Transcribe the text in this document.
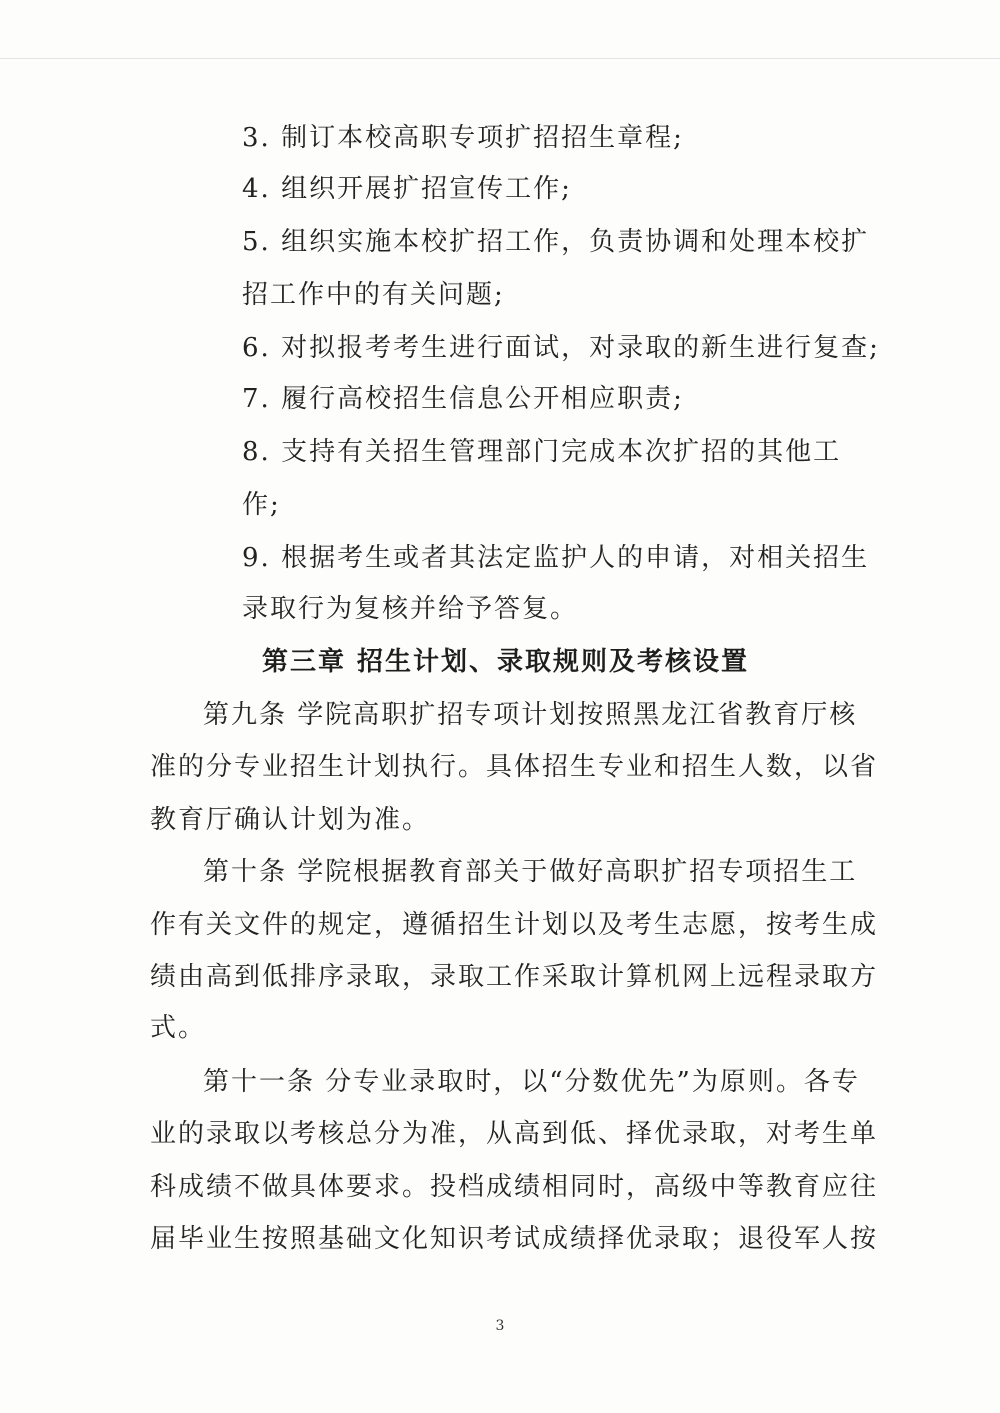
3. 制订本校高职专项扩招招生章程;
4. 组织开展扩招宣传工作;
5. 组织实施本校扩招工作，负责协调和处理本校扩
招工作中的有关问题;
6. 对拟报考考生进行面试，对录取的新生进行复查;
7. 履行高校招生信息公开相应职责;
8. 支持有关招生管理部门完成本次扩招的其他工
作;
9. 根据考生或者其法定监护人的申请，对相关招生
录取行为复核并给予答复。
第三章 招生计划、录取规则及考核设置
第九条 学院高职扩招专项计划按照黑龙江省教育厅核
准的分专业招生计划执行。具体招生专业和招生人数，以省
教育厅确认计划为准。
第十条 学院根据教育部关于做好高职扩招专项招生工
作有关文件的规定，遵循招生计划以及考生志愿，按考生成
绩由高到低排序录取，录取工作采取计算机网上远程录取方
式。
第十一条 分专业录取时，以“分数优先”为原则。各专
业的录取以考核总分为准，从高到低、择优录取，对考生单
科成绩不做具体要求。投档成绩相同时，高级中等教育应往
届毕业生按照基础文化知识考试成绩择优录取；退役军人按
3
